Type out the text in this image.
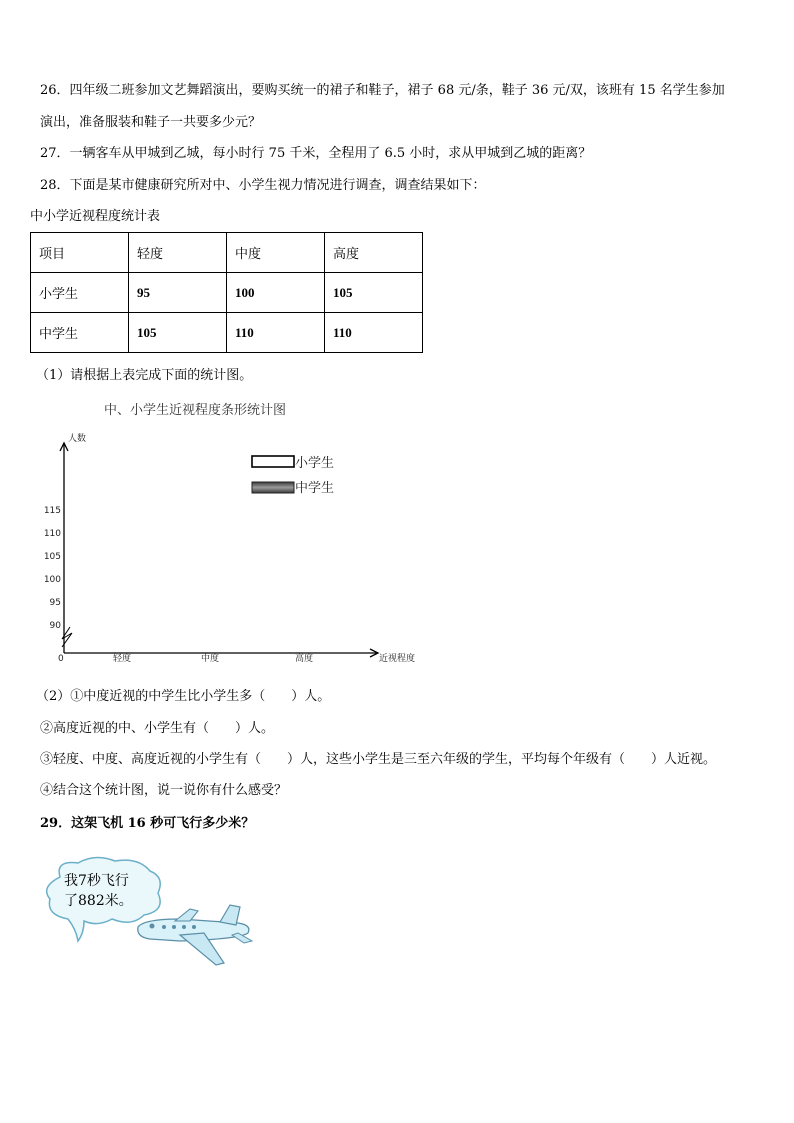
26．四年级二班参加文艺舞蹈演出，要购买统一的裙子和鞋子，裙子 68 元/条，鞋子 36 元/双，该班有 15 名学生参加
演出，准备服装和鞋子一共要多少元？
27．一辆客车从甲城到乙城，每小时行 75 千米，全程用了 6.5 小时，求从甲城到乙城的距离？
28．下面是某市健康研究所对中、小学生视力情况进行调查，调查结果如下：
中小学近视程度统计表
项目	轻度	中度	高度
小学生	95	100	105
中学生	105	110	110
（1）请根据上表完成下面的统计图。
中、小学生近视程度条形统计图
人数
近视程度
0
90
95
100
105
110
115
轻度	中度	高度
小学生
中学生
（2）①中度近视的中学生比小学生多（　　）人。
②高度近视的中、小学生有（　　）人。
③轻度、中度、高度近视的小学生有（　　）人，这些小学生是三至六年级的学生，平均每个年级有（　　）人近视。
④结合这个统计图，说一说你有什么感受？
29．这架飞机 16 秒可飞行多少米？
我7秒飞行
了882米。
